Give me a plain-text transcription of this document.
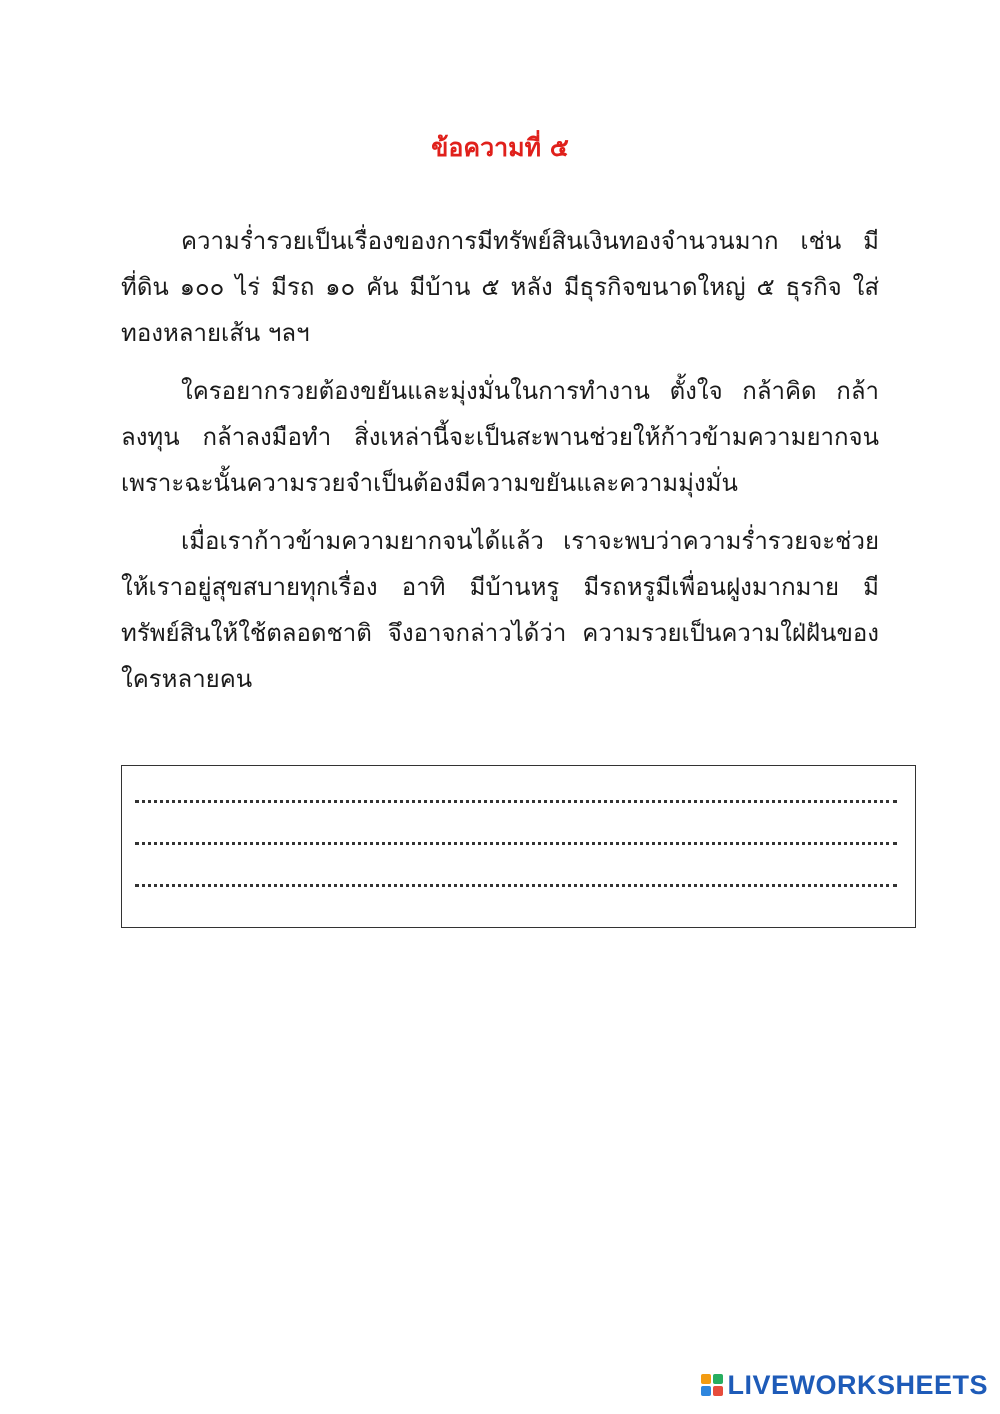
ข้อความที่ ๕

ความร่ำรวยเป็นเรื่องของการมีทรัพย์สินเงินทองจำนวนมาก เช่น มีที่ดิน ๑๐๐ ไร่ มีรถ ๑๐ คัน มีบ้าน ๕ หลัง มีธุรกิจขนาดใหญ่ ๕ ธุรกิจ ใส่ทองหลายเส้น ฯลฯ

ใครอยากรวยต้องขยันและมุ่งมั่นในการทำงาน ตั้งใจ กล้าคิด กล้าลงทุน กล้าลงมือทำ สิ่งเหล่านี้จะเป็นสะพานช่วยให้ก้าวข้ามความยากจน เพราะฉะนั้นความรวยจำเป็นต้องมีความขยันและความมุ่งมั่น

เมื่อเราก้าวข้ามความยากจนได้แล้ว เราจะพบว่าความร่ำรวยจะช่วยให้เราอยู่สุขสบายทุกเรื่อง อาทิ มีบ้านหรู มีรถหรูมีเพื่อนฝูงมากมาย มีทรัพย์สินให้ใช้ตลอดชาติ จึงอาจกล่าวได้ว่า ความรวยเป็นความใฝ่ฝันของใครหลายคน

LIVEWORKSHEETS
